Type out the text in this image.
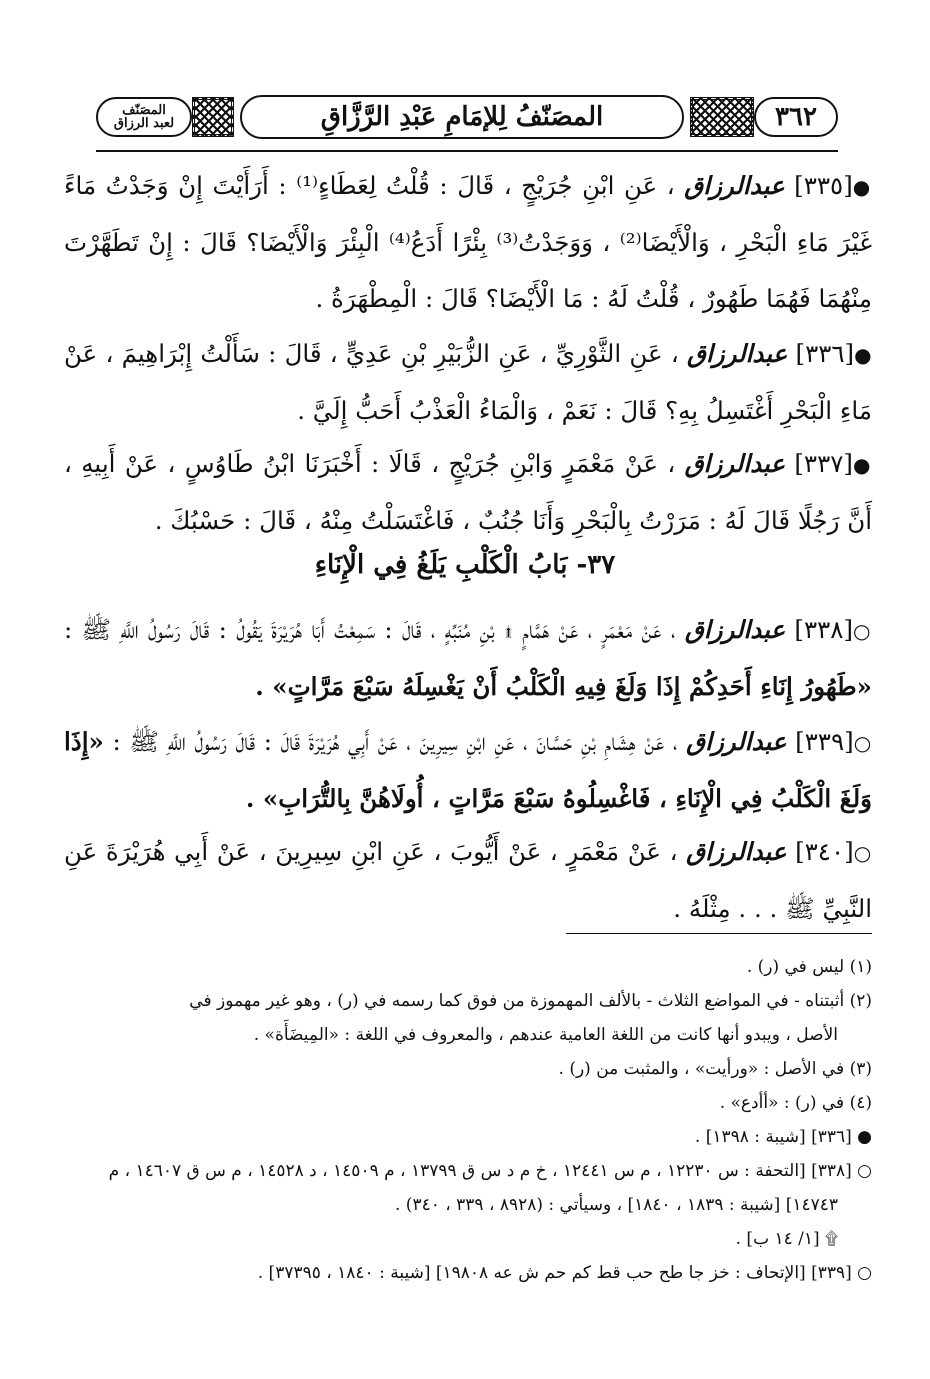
المصَنّف
لعبد الرزاق	المصَنّفُ لِلإمَامِ عَبْدِ الرَّزَّاقِ	٣٦٢

●[٣٣٥] عبدالرزاق ، عَنِ ابْنِ جُرَيْجٍ ، قَالَ : قُلْتُ لِعَطَاءٍ⁽¹⁾ : أَرَأَيْتَ إِنْ وَجَدْتُ مَاءً غَيْرَ مَاءِ الْبَحْرِ ، وَالْأَيْضَا⁽²⁾ ، وَوَجَدْتُ⁽³⁾ بِئْرًا أَدَعُ⁽⁴⁾ الْبِئْرَ وَالْأَيْضَا؟ قَالَ : إِنْ تَطَهَّرْتَ مِنْهُمَا فَهُمَا طَهُورٌ ، قُلْتُ لَهُ : مَا الْأَيْضَا؟ قَالَ : الْمِطْهَرَةُ .

●[٣٣٦] عبدالرزاق ، عَنِ الثَّوْرِيِّ ، عَنِ الزُّبَيْرِ بْنِ عَدِيٍّ ، قَالَ : سَأَلْتُ إِبْرَاهِيمَ ، عَنْ مَاءِ الْبَحْرِ أَغْتَسِلُ بِهِ؟ قَالَ : نَعَمْ ، وَالْمَاءُ الْعَذْبُ أَحَبُّ إِلَيَّ .

●[٣٣٧] عبدالرزاق ، عَنْ مَعْمَرٍ وَابْنِ جُرَيْجٍ ، قَالَا : أَخْبَرَنَا ابْنُ طَاوُسٍ ، عَنْ أَبِيهِ ، أَنَّ رَجُلًا قَالَ لَهُ : مَرَرْتُ بِالْبَحْرِ وَأَنَا جُنُبٌ ، فَاغْتَسَلْتُ مِنْهُ ، قَالَ : حَسْبُكَ .

٣٧- بَابُ الْكَلْبِ يَلَغُ فِي الْإِنَاءِ

○[٣٣٨] عبدالرزاق ، عَنْ مَعْمَرٍ ، عَنْ هَمَّامٍ ۩ بْنِ مُنَبِّهٍ ، قَالَ : سَمِعْتُ أَبَا هُرَيْرَةَ يَقُولُ : قَالَ رَسُولُ اللَّهِ ﷺ : «طَهُورُ إِنَاءِ أَحَدِكُمْ إِذَا وَلَغَ فِيهِ الْكَلْبُ أَنْ يَغْسِلَهُ سَبْعَ مَرَّاتٍ» .

○[٣٣٩] عبدالرزاق ، عَنْ هِشَامِ بْنِ حَسَّانَ ، عَنِ ابْنِ سِيرِينَ ، عَنْ أَبِي هُرَيْرَةَ قَالَ : قَالَ رَسُولُ اللَّهِ ﷺ : «إِذَا وَلَغَ الْكَلْبُ فِي الْإِنَاءِ ، فَاغْسِلُوهُ سَبْعَ مَرَّاتٍ ، أُولَاهُنَّ بِالتُّرَابِ» .

○[٣٤٠] عبدالرزاق ، عَنْ مَعْمَرٍ ، عَنْ أَيُّوبَ ، عَنِ ابْنِ سِيرِينَ ، عَنْ أَبِي هُرَيْرَةَ عَنِ النَّبِيِّ ﷺ . . . مِثْلَهُ .

(١) ليس في (ر) .

(٢) أثبتناه - في المواضع الثلاث - بالألف المهموزة من فوق كما رسمه في (ر) ، وهو غير مهموز في

الأصل ، ويبدو أنها كانت من اللغة العامية عندهم ، والمعروف في اللغة : «المِيضَأَة» .

(٣) في الأصل : «ورأيت» ، والمثبت من (ر) .

(٤) في (ر) : «أأدع» .

● [٣٣٦] [شيبة : ١٣٩٨] .

○ [٣٣٨] [التحفة : س ١٢٢٣٠ ، م س ١٢٤٤١ ، خ م د س ق ١٣٧٩٩ ، م ١٤٥٠٩ ، د ١٤٥٢٨ ، م س ق ١٤٦٠٧ ، م

١٤٧٤٣] [شيبة : ١٨٣٩ ، ١٨٤٠] ، وسيأتي : (٨٩٢٨ ، ٣٣٩ ، ٣٤٠) .

۩ [١/ ١٤ ب] .

○ [٣٣٩] [الإتحاف : خز جا طح حب قط كم حم ش عه ١٩٨٠٨] [شيبة : ١٨٤٠ ، ٣٧٣٩٥] .
